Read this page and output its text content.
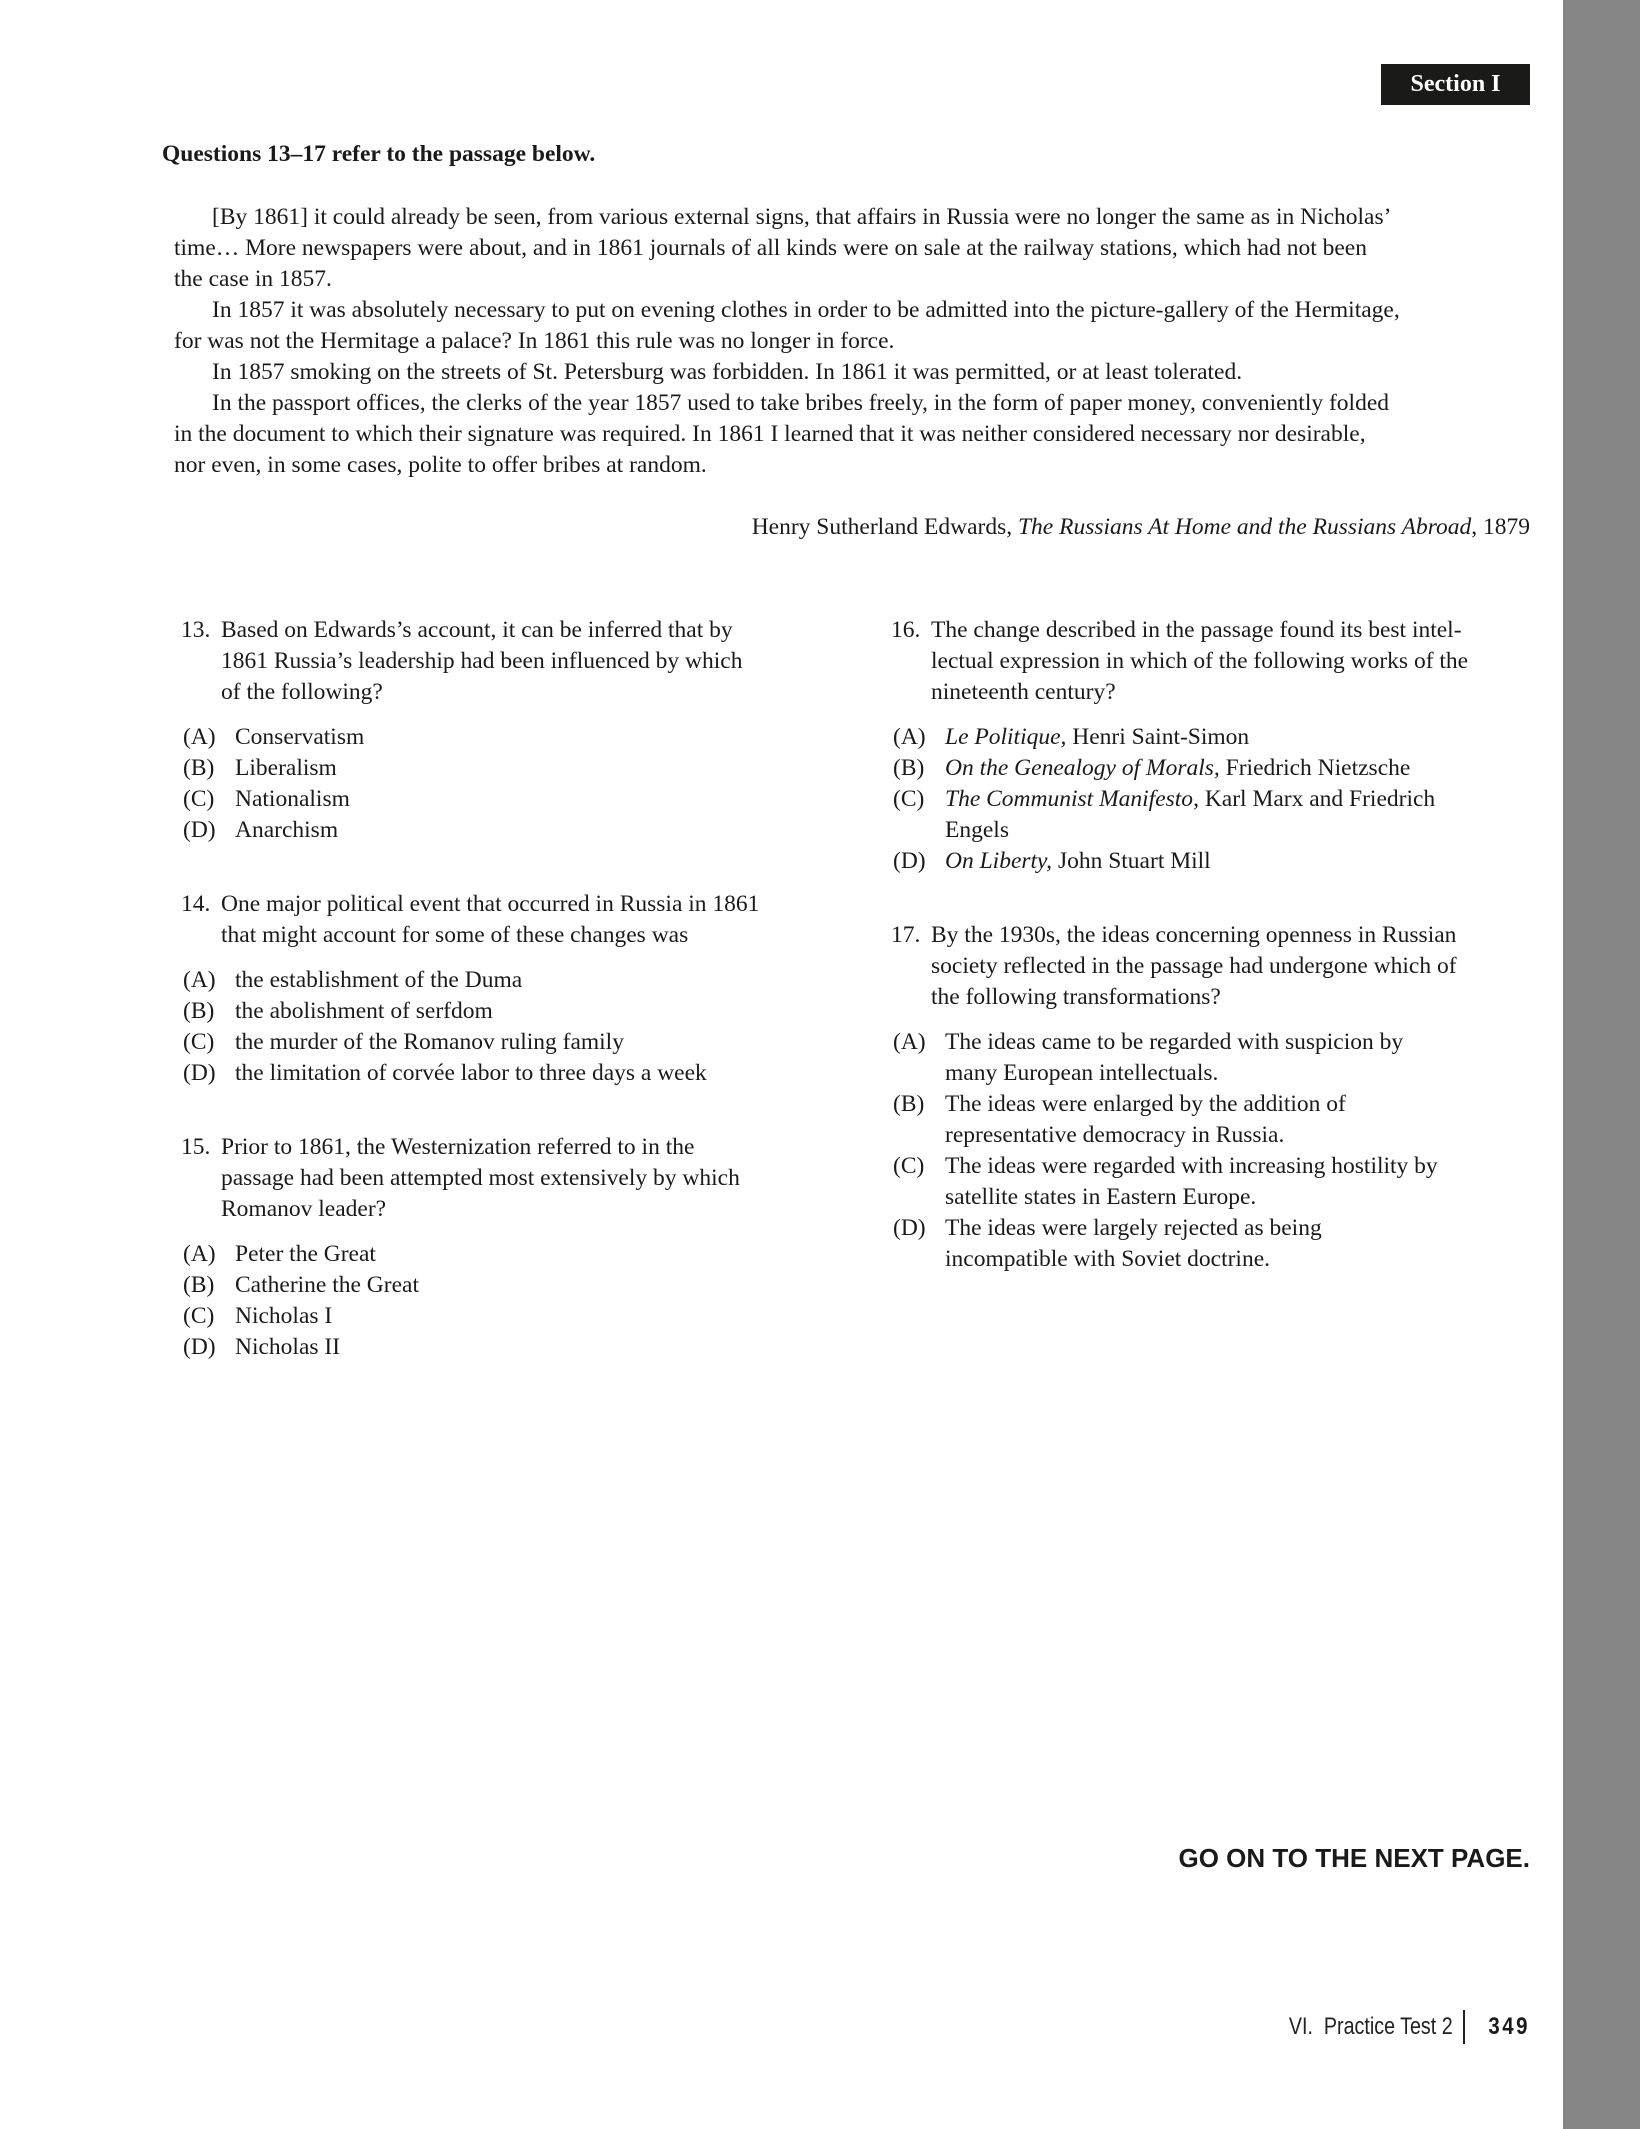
Section I
Questions 13–17 refer to the passage below.
[By 1861] it could already be seen, from various external signs, that affairs in Russia were no longer the same as in Nicholas’
time… More newspapers were about, and in 1861 journals of all kinds were on sale at the railway stations, which had not been
the case in 1857.
In 1857 it was absolutely necessary to put on evening clothes in order to be admitted into the picture-gallery of the Hermitage,
for was not the Hermitage a palace? In 1861 this rule was no longer in force.
In 1857 smoking on the streets of St. Petersburg was forbidden. In 1861 it was permitted, or at least tolerated.
In the passport offices, the clerks of the year 1857 used to take bribes freely, in the form of paper money, conveniently folded
in the document to which their signature was required. In 1861 I learned that it was neither considered necessary nor desirable,
nor even, in some cases, polite to offer bribes at random.
Henry Sutherland Edwards, The Russians At Home and the Russians Abroad, 1879
13. Based on Edwards’s account, it can be inferred that by
1861 Russia’s leadership had been influenced by which
of the following?
(A) Conservatism
(B) Liberalism
(C) Nationalism
(D) Anarchism
14. One major political event that occurred in Russia in 1861
that might account for some of these changes was
(A) the establishment of the Duma
(B) the abolishment of serfdom
(C) the murder of the Romanov ruling family
(D) the limitation of corvée labor to three days a week
15. Prior to 1861, the Westernization referred to in the
passage had been attempted most extensively by which
Romanov leader?
(A) Peter the Great
(B) Catherine the Great
(C) Nicholas I
(D) Nicholas II
16. The change described in the passage found its best intel-
lectual expression in which of the following works of the
nineteenth century?
(A) Le Politique, Henri Saint-Simon
(B) On the Genealogy of Morals, Friedrich Nietzsche
(C) The Communist Manifesto, Karl Marx and Friedrich
Engels
(D) On Liberty, John Stuart Mill
17. By the 1930s, the ideas concerning openness in Russian
society reflected in the passage had undergone which of
the following transformations?
(A) The ideas came to be regarded with suspicion by
many European intellectuals.
(B) The ideas were enlarged by the addition of
representative democracy in Russia.
(C) The ideas were regarded with increasing hostility by
satellite states in Eastern Europe.
(D) The ideas were largely rejected as being
incompatible with Soviet doctrine.
GO ON TO THE NEXT PAGE.
VI.  Practice Test 2 349
